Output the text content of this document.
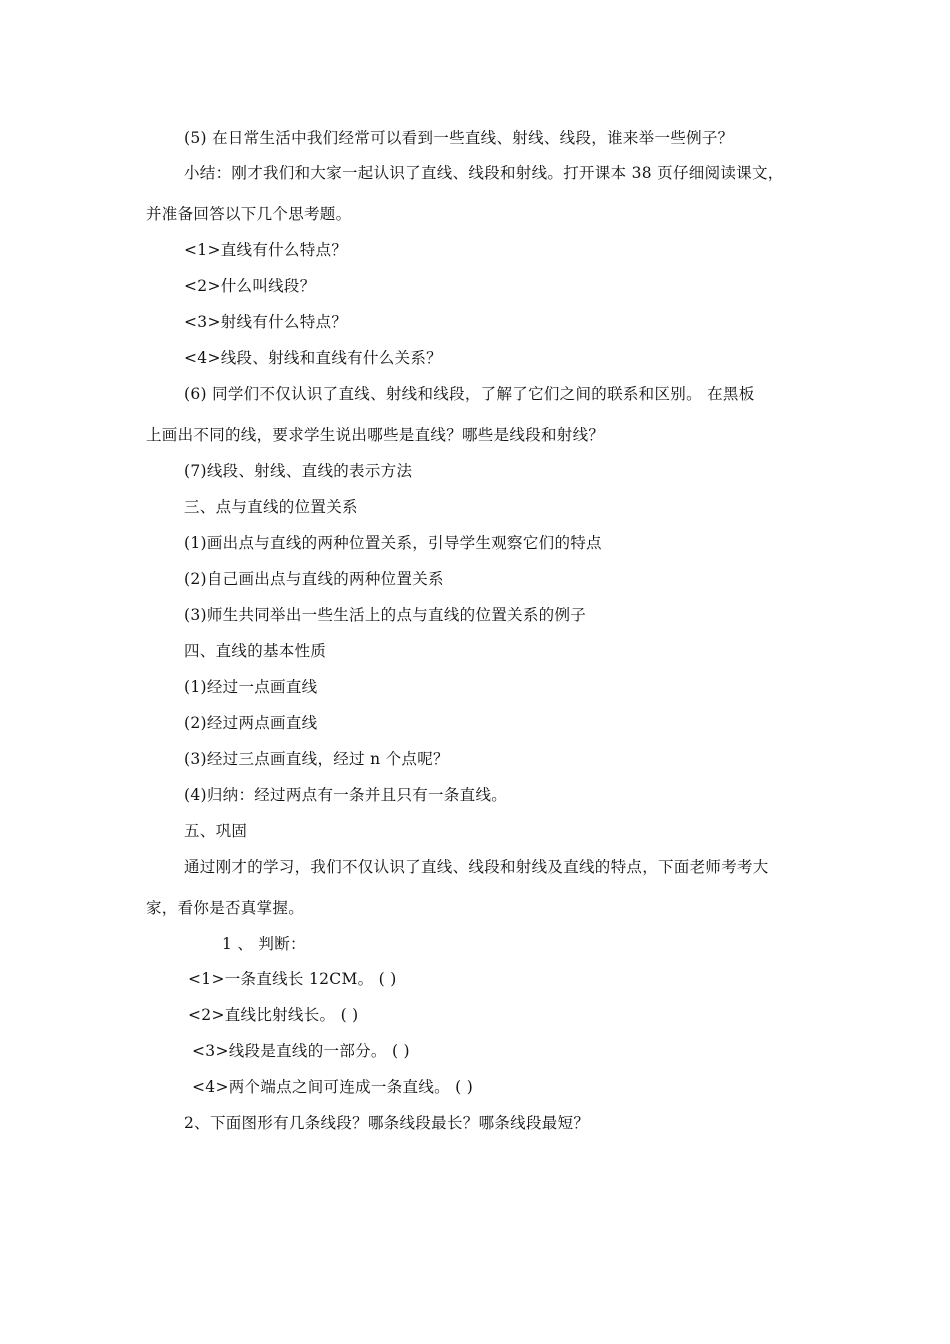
(5) 在日常生活中我们经常可以看到一些直线、射线、线段，谁来举一些例子？
小结：刚才我们和大家一起认识了直线、线段和射线。打开课本 38 页仔细阅读课文，
并准备回答以下几个思考题。
<1>直线有什么特点？
<2>什么叫线段？
<3>射线有什么特点？
<4>线段、射线和直线有什么关系？
(6) 同学们不仅认识了直线、射线和线段，了解了它们之间的联系和区别。 在黑板
上画出不同的线，要求学生说出哪些是直线？哪些是线段和射线？
(7)线段、射线、直线的表示方法
三、点与直线的位置关系
(1)画出点与直线的两种位置关系，引导学生观察它们的特点
(2)自己画出点与直线的两种位置关系
(3)师生共同举出一些生活上的点与直线的位置关系的例子
四、直线的基本性质
(1)经过一点画直线
(2)经过两点画直线
(3)经过三点画直线，经过 n 个点呢？
(4)归纳：经过两点有一条并且只有一条直线。
五、巩固
通过刚才的学习，我们不仅认识了直线、线段和射线及直线的特点，下面老师考考大
家，看你是否真掌握。
1 、 判断：
<1>一条直线长 12CM。 ( )
<2>直线比射线长。 ( )
<3>线段是直线的一部分。 ( )
<4>两个端点之间可连成一条直线。 ( )
2、下面图形有几条线段？哪条线段最长？哪条线段最短？
